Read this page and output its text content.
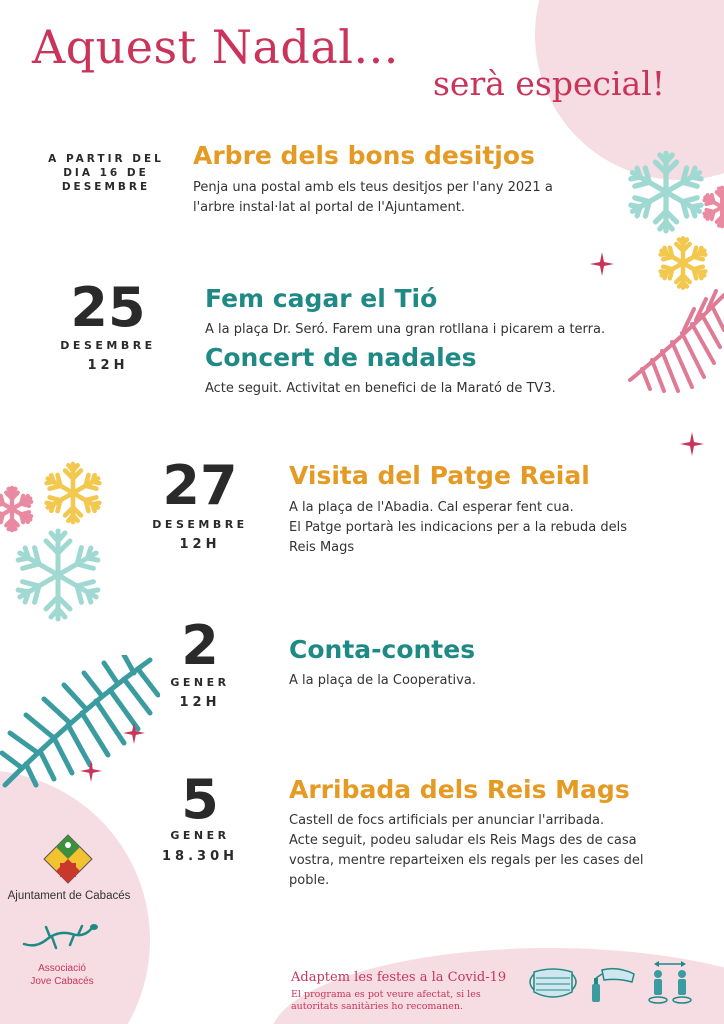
Aquest Nadal...
serà especial!
A PARTIR DEL
DIA 16 DE
DESEMBRE
Arbre dels bons desitjos
Penja una postal amb els teus desitjos per l'any 2021 a
l'arbre instal·lat al portal de l'Ajuntament.
25
DESEMBRE
12H
Fem cagar el Tió
A la plaça Dr. Seró. Farem una gran rotllana i picarem a terra.
Concert de nadales
Acte seguit. Activitat en benefici de la Marató de TV3.
27
DESEMBRE
12H
Visita del Patge Reial
A la plaça de l'Abadia. Cal esperar fent cua.
El Patge portarà les indicacions per a la rebuda dels
Reis Mags
2
GENER
12H
Conta-contes
A la plaça de la Cooperativa.
5
GENER
18.30H
Arribada dels Reis Mags
Castell de focs artificials per anunciar l'arribada.
Acte seguit, podeu saludar els Reis Mags des de casa
vostra, mentre reparteixen els regals per les cases del
poble.
Ajuntament de Cabacés
Associació
Jove Cabacés	Adaptem les festes a la Covid-19
El programa es pot veure afectat, si les
autoritats sanitàries ho recomanen.
